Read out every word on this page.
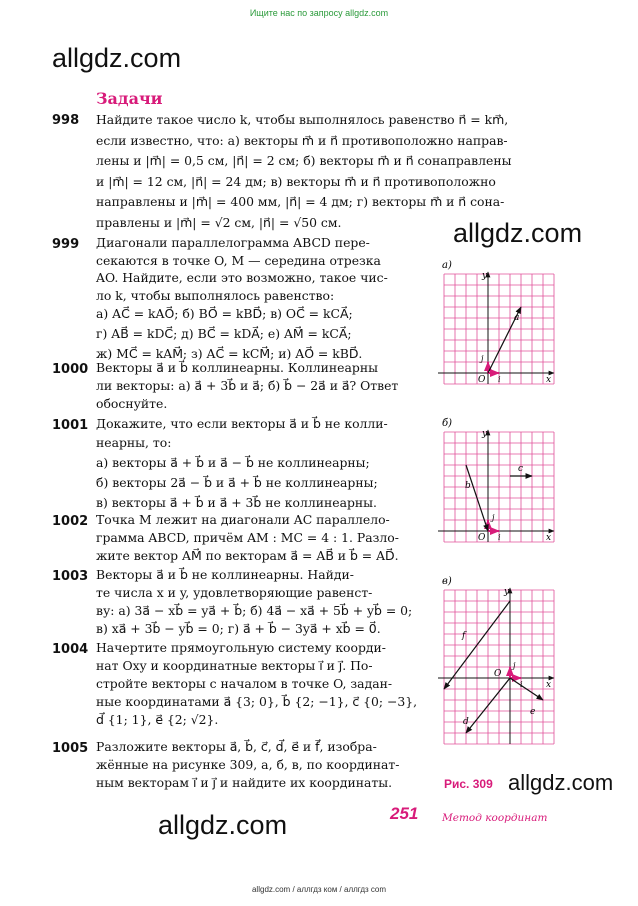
Ищите нас по запросу allgdz.com
allgdz.com
allgdz.com
allgdz.com
allgdz.com
Задачи
998 Найдите такое число k, чтобы выполнялось равенство n⃗ = km⃗,
если известно, что: а) векторы m⃗ и n⃗ противоположно направ-
лены и |m⃗| = 0,5 см, |n⃗| = 2 см; б) векторы m⃗ и n⃗ сонаправлены
и |m⃗| = 12 см, |n⃗| = 24 дм; в) векторы m⃗ и n⃗ противоположно
направлены и |m⃗| = 400 мм, |n⃗| = 4 дм; г) векторы m⃗ и n⃗ сона-
правлены и |m⃗| = √2 см, |n⃗| = √50 см.
999 Диагонали параллелограмма ABCD пере-
секаются в точке O, M — середина отрезка
AO. Найдите, если это возможно, такое чис-
ло k, чтобы выполнялось равенство:
а) AC⃗ = kAO⃗; б) BO⃗ = kBD⃗; в) OC⃗ = kCA⃗;
г) AB⃗ = kDC⃗; д) BC⃗ = kDA⃗; е) AM⃗ = kCA⃗;
ж) MC⃗ = kAM⃗; з) AC⃗ = kCM⃗; и) AO⃗ = kBD⃗.
1000 Векторы a⃗ и b⃗ коллинеарны. Коллинеарны
ли векторы: а) a⃗ + 3b⃗ и a⃗; б) b⃗ − 2a⃗ и a⃗? Ответ
обоснуйте.
1001 Докажите, что если векторы a⃗ и b⃗ не колли-
неарны, то:
а) векторы a⃗ + b⃗ и a⃗ − b⃗ не коллинеарны;
б) векторы 2a⃗ − b⃗ и a⃗ + b⃗ не коллинеарны;
в) векторы a⃗ + b⃗ и a⃗ + 3b⃗ не коллинеарны.
1002 Точка M лежит на диагонали AC параллело-
грамма ABCD, причём AM : MC = 4 : 1. Разло-
жите вектор AM⃗ по векторам a⃗ = AB⃗ и b⃗ = AD⃗.
1003 Векторы a⃗ и b⃗ не коллинеарны. Найди-
те числа x и y, удовлетворяющие равенст-
ву: а) 3a⃗ − xb⃗ = ya⃗ + b⃗; б) 4a⃗ − xa⃗ + 5b⃗ + yb⃗ = 0;
в) xa⃗ + 3b⃗ − yb⃗ = 0; г) a⃗ + b⃗ − 3ya⃗ + xb⃗ = 0⃗.
1004 Начертите прямоугольную систему коорди-
нат Oxy и координатные векторы i⃗ и j⃗. По-
стройте векторы с началом в точке O, задан-
ные координатами a⃗ {3; 0}, b⃗ {2; −1}, c⃗ {0; −3},
d⃗ {1; 1}, e⃗ {2; √2}.
1005 Разложите векторы a⃗, b⃗, c⃗, d⃗, e⃗ и f⃗, изобра-
жённые на рисунке 309, а, б, в, по координат-
ным векторам i⃗ и j⃗ и найдите их координаты.
а)
y
x
O i
j
a
б)
y
x
O i
j
b
c
в)
y
x
O
i
j
f
d
e
Рис. 309
251 Метод координат
allgdz.com / аллгдз ком / аллгдз com
